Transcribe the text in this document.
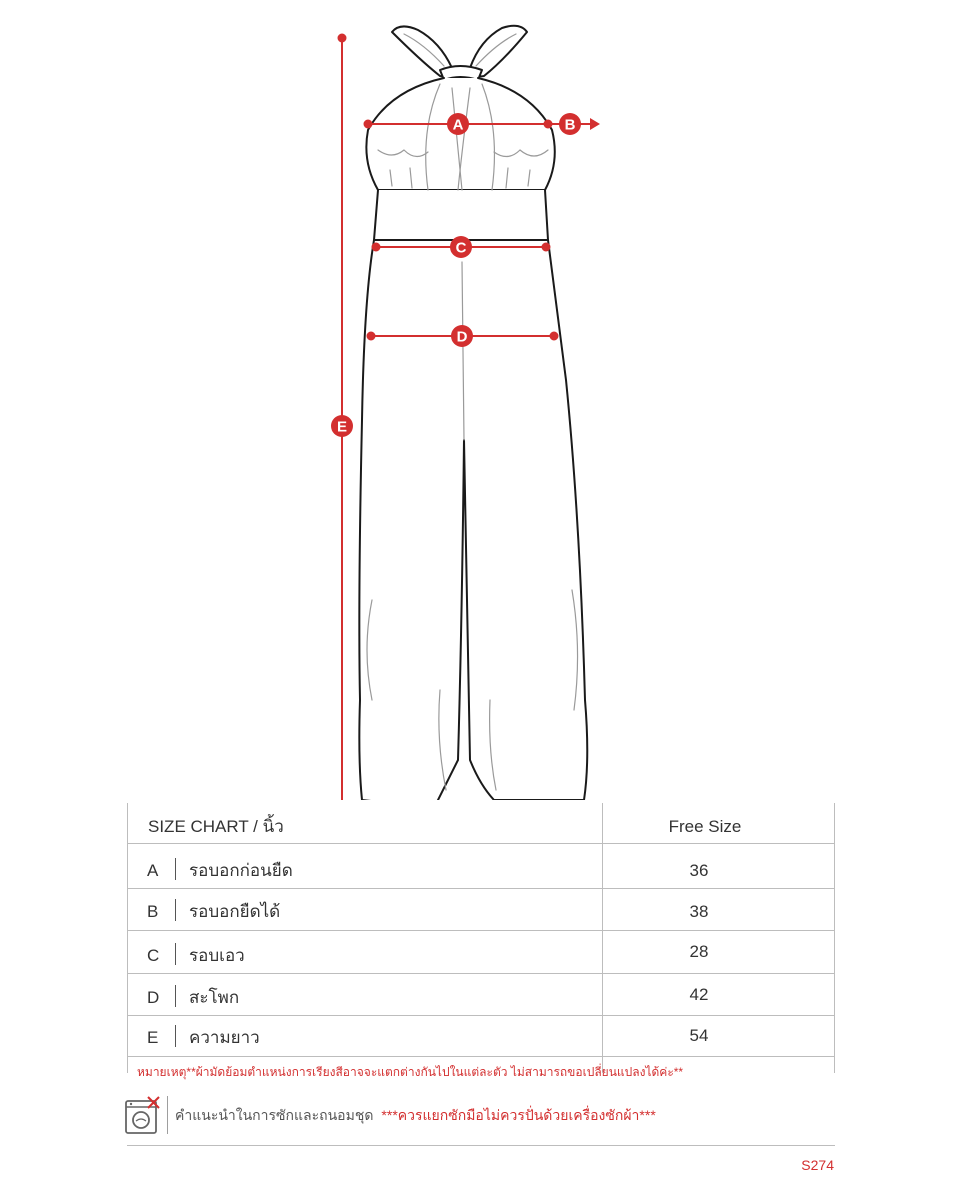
A	B
C
D
E
SIZE CHART / นิ้ว	Free Size
A รอบอกก่อนยืด	36
B รอบอกยืดได้	38
C รอบเอว	28
D สะโพก	42
E ความยาว	54
หมายเหตุ**ผ้ามัดย้อมตำแหน่งการเรียงสีอาจจะแตกต่างกันไปในแต่ละตัว ไม่สามารถขอเปลี่ยนแปลงได้ค่ะ**
คำแนะนำในการซักและถนอมชุด ***ควรแยกซักมือไม่ควรปั่นด้วยเครื่องซักผ้า***
S274
